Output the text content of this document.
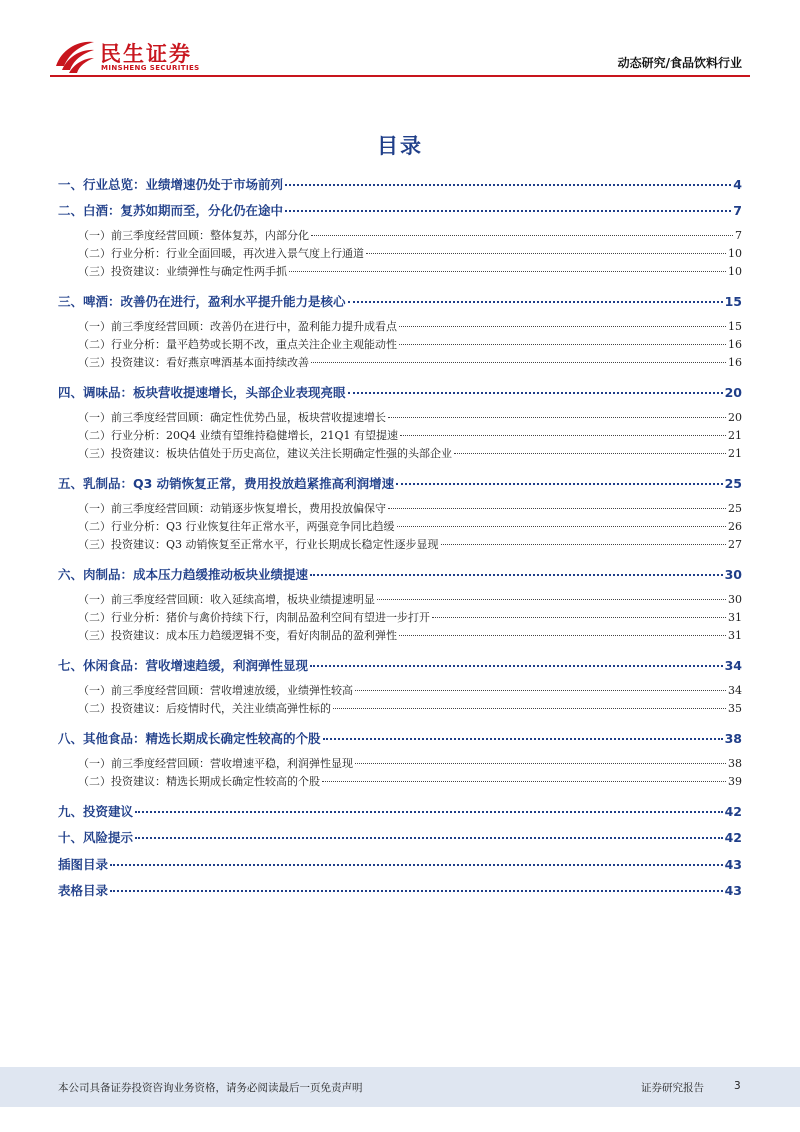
民生证券
MINSHENG SECURITIES	动态研究/食品饮料行业
目录
一、行业总览：业绩增速仍处于市场前列	4
二、白酒：复苏如期而至，分化仍在途中	7
（一）前三季度经营回顾：整体复苏，内部分化	7
（二）行业分析：行业全面回暖，再次进入景气度上行通道	10
（三）投资建议：业绩弹性与确定性两手抓	10
三、啤酒：改善仍在进行，盈利水平提升能力是核心	15
（一）前三季度经营回顾：改善仍在进行中，盈利能力提升成看点	15
（二）行业分析：量平趋势或长期不改，重点关注企业主观能动性	16
（三）投资建议：看好燕京啤酒基本面持续改善	16
四、调味品：板块营收提速增长，头部企业表现亮眼	20
（一）前三季度经营回顾：确定性优势凸显，板块营收提速增长	20
（二）行业分析：20Q4 业绩有望维持稳健增长，21Q1 有望提速	21
（三）投资建议：板块估值处于历史高位，建议关注长期确定性强的头部企业	21
五、乳制品：Q3 动销恢复正常，费用投放趋紧推高利润增速	25
（一）前三季度经营回顾：动销逐步恢复增长，费用投放偏保守	25
（二）行业分析：Q3 行业恢复往年正常水平，两强竞争同比趋缓	26
（三）投资建议：Q3 动销恢复至正常水平，行业长期成长稳定性逐步显现	27
六、肉制品：成本压力趋缓推动板块业绩提速	30
（一）前三季度经营回顾：收入延续高增，板块业绩提速明显	30
（二）行业分析：猪价与禽价持续下行，肉制品盈利空间有望进一步打开	31
（三）投资建议：成本压力趋缓逻辑不变，看好肉制品的盈利弹性	31
七、休闲食品：营收增速趋缓，利润弹性显现	34
（一）前三季度经营回顾：营收增速放缓，业绩弹性较高	34
（二）投资建议：后疫情时代，关注业绩高弹性标的	35
八、其他食品：精选长期成长确定性较高的个股	38
（一）前三季度经营回顾：营收增速平稳，利润弹性显现	38
（二）投资建议：精选长期成长确定性较高的个股	39
九、投资建议	42
十、风险提示	42
插图目录	43
表格目录	43
本公司具备证券投资咨询业务资格，请务必阅读最后一页免责声明	证券研究报告	3
